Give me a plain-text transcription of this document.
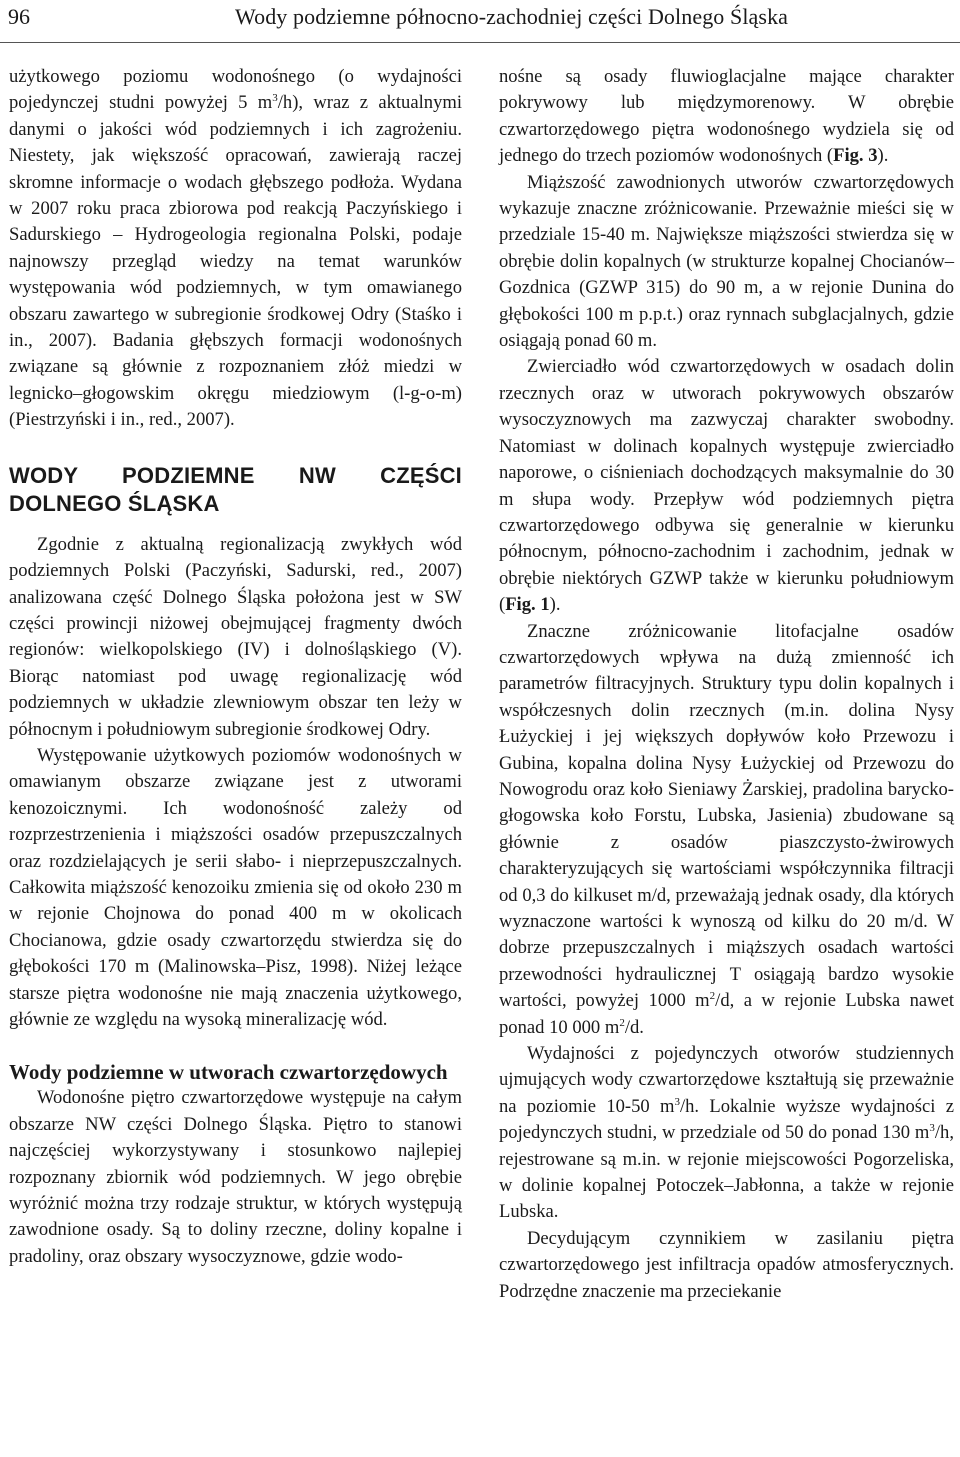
96	Wody podziemne północno-zachodniej części Dolnego Śląska

użytkowego poziomu wodonośnego (o wydajności pojedynczej studni powyżej 5 $m^3/h$), wraz z aktualnymi danymi o jakości wód podziemnych i ich zagrożeniu. Niestety, jak większość opracowań, zawierają raczej skromne informacje o wodach głębszego podłoża. Wydana w 2007 roku praca zbiorowa pod reakcją Paczyńskiego i Sadurskiego – Hydrogeologia regionalna Polski, podaje najnowszy przegląd wiedzy na temat warunków występowania wód podziemnych, w tym omawianego obszaru zawartego w subregionie środkowej Odry (Staśko i in., 2007). Badania głębszych formacji wodonośnych związane są głównie z rozpoznaniem złóż miedzi w legnicko–głogowskim okręgu miedziowym (l-g-o-m) (Piestrzyński i in., red., 2007).

WODY PODZIEMNE NW CZĘŚCI DOLNEGO ŚLĄSKA

Zgodnie z aktualną regionalizacją zwykłych wód podziemnych Polski (Paczyński, Sadurski, red., 2007) analizowana część Dolnego Śląska położona jest w SW części prowincji niżowej obejmującej fragmenty dwóch regionów: wielkopolskiego (IV) i dolnośląskiego (V). Biorąc natomiast pod uwagę regionalizację wód podziemnych w układzie zlewniowym obszar ten leży w północnym i południowym subregionie środkowej Odry.

Występowanie użytkowych poziomów wodonośnych w omawianym obszarze związane jest z utworami kenozoicznymi. Ich wodonośność zależy od rozprzestrzenienia i miąższości osadów przepuszczalnych oraz rozdzielających je serii słabo- i nieprzepuszczalnych. Całkowita miąższość kenozoiku zmienia się od około 230 m w rejonie Chojnowa do ponad 400 m w okolicach Chocianowa, gdzie osady czwartorzędu stwierdza się do głębokości 170 m (Malinowska–Pisz, 1998). Niżej leżące starsze piętra wodonośne nie mają znaczenia użytkowego, głównie ze względu na wysoką mineralizację wód.

Wody podziemne w utworach czwartorzędowych

Wodonośne piętro czwartorzędowe występuje na całym obszarze NW części Dolnego Śląska. Piętro to stanowi najczęściej wykorzystywany i stosunkowo najlepiej rozpoznany zbiornik wód podziemnych. W jego obrębie wyróżnić można trzy rodzaje struktur, w których występują zawodnione osady. Są to doliny rzeczne, doliny kopalne i pradoliny, oraz obszary wysoczyznowe, gdzie wodo-

nośne są osady fluwioglacjalne mające charakter pokrywowy lub międzymorenowy. W obrębie czwartorzędowego piętra wodonośnego wydziela się od jednego do trzech poziomów wodonośnych (Fig. 3).

Miąższość zawodnionych utworów czwartorzędowych wykazuje znaczne zróżnicowanie. Przeważnie mieści się w przedziale 15-40 m. Największe miąższości stwierdza się w obrębie dolin kopalnych (w strukturze kopalnej Chocianów–Gozdnica (GZWP 315) do 90 m, a w rejonie Dunina do głębokości 100 m p.p.t.) oraz rynnach subglacjalnych, gdzie osiągają ponad 60 m.

Zwierciadło wód czwartorzędowych w osadach dolin rzecznych oraz w utworach pokrywowych obszarów wysoczyznowych ma zazwyczaj charakter swobodny. Natomiast w dolinach kopalnych występuje zwierciadło naporowe, o ciśnieniach dochodzących maksymalnie do 30 m słupa wody. Przepływ wód podziemnych piętra czwartorzędowego odbywa się generalnie w kierunku północnym, północno-zachodnim i zachodnim, jednak w obrębie niektórych GZWP także w kierunku południowym (Fig. 1).

Znaczne zróżnicowanie litofacjalne osadów czwartorzędowych wpływa na dużą zmienność ich parametrów filtracyjnych. Struktury typu dolin kopalnych i współczesnych dolin rzecznych (m.in. dolina Nysy Łużyckiej i jej większych dopływów koło Przewozu i Gubina, kopalna dolina Nysy Łużyckiej od Przewozu do Nowogrodu oraz koło Sieniawy Żarskiej, pradolina barycko-głogowska koło Forstu, Lubska, Jasienia) zbudowane są głównie z osadów piaszczysto-żwirowych charakteryzujących się wartościami współczynnika filtracji od 0,3 do kilkuset m/d, przeważają jednak osady, dla których wyznaczone wartości k wynoszą od kilku do 20 m/d. W dobrze przepuszczalnych i miąższych osadach wartości przewodności hydraulicznej T osiągają bardzo wysokie wartości, powyżej 1000 $m^2/d$, a w rejonie Lubska nawet ponad 10 000 $m^2/d$.

Wydajności z pojedynczych otworów studziennych ujmujących wody czwartorzędowe kształtują się przeważnie na poziomie 10-50 $m^3/h$. Lokalnie wyższe wydajności z pojedynczych studni, w przedziale od 50 do ponad 130 $m^3/h$, rejestrowane są m.in. w rejonie miejscowości Pogorzeliska, w dolinie kopalnej Potoczek–Jabłonna, a także w rejonie Lubska.

Decydującym czynnikiem w zasilaniu piętra czwartorzędowego jest infiltracja opadów atmosferycznych. Podrzędne znaczenie ma przeciekanie
